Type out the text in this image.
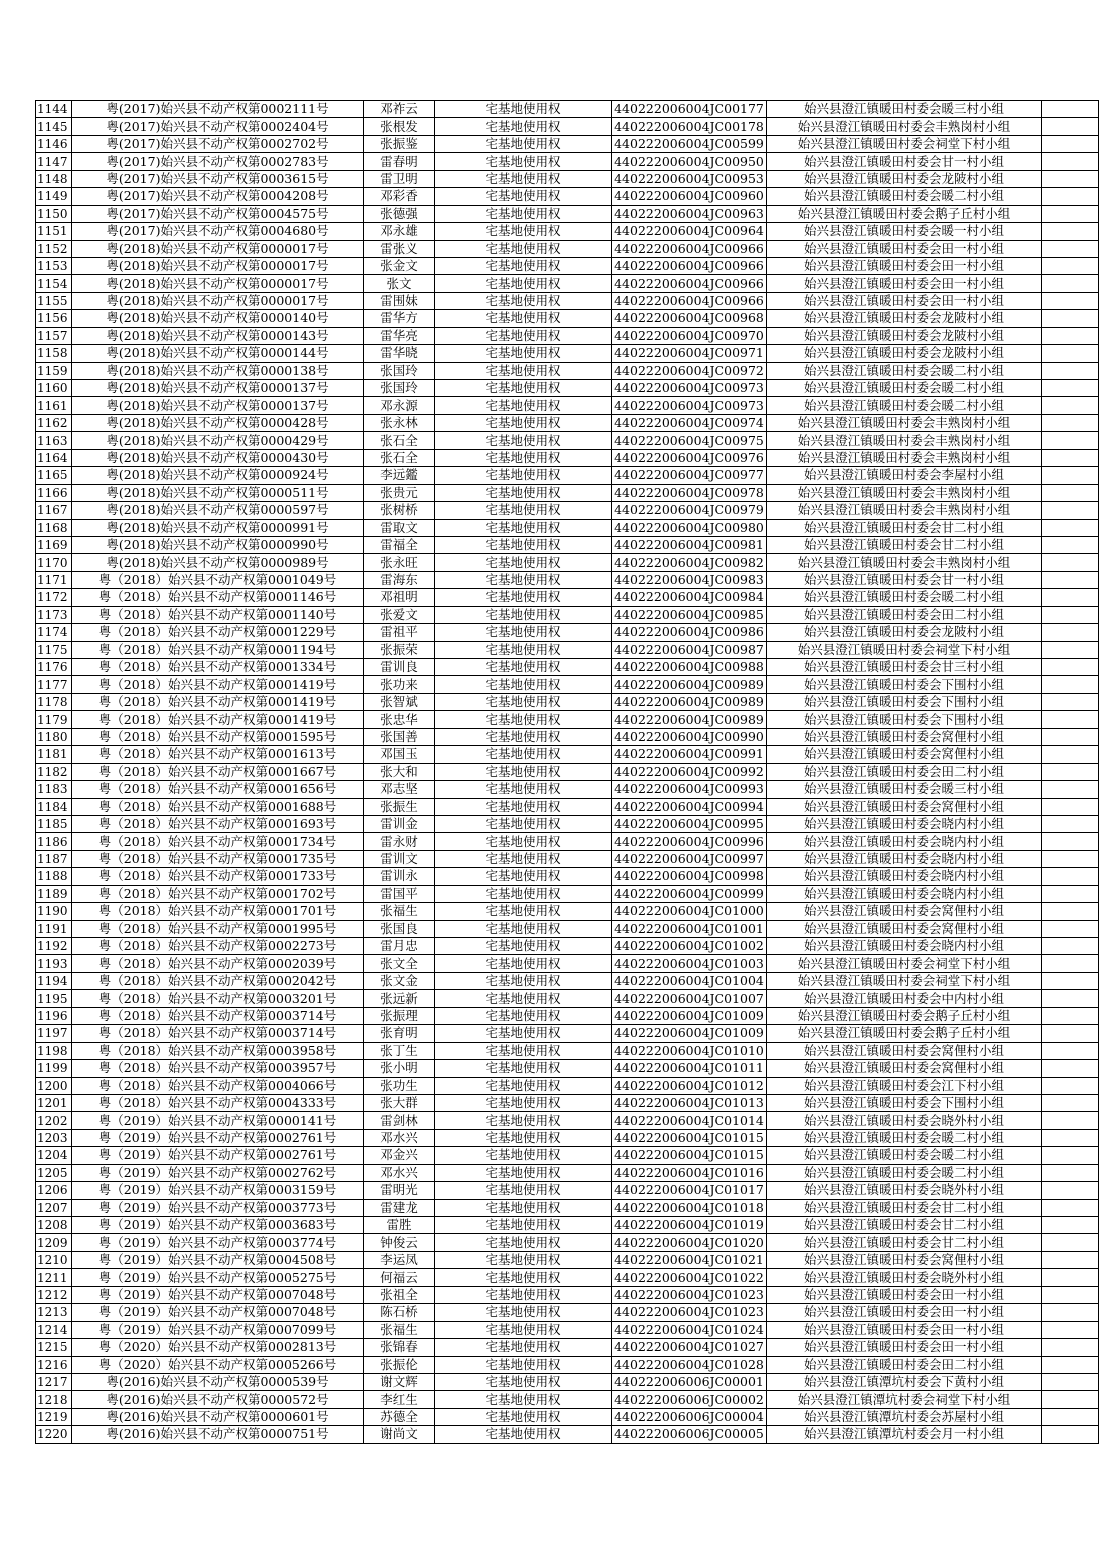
1144	粤(2017)始兴县不动产权第0002111号	邓祚云	宅基地使用权	440222006004JC00177	始兴县澄江镇暖田村委会暖三村小组	
1145	粤(2017)始兴县不动产权第0002404号	张根发	宅基地使用权	440222006004JC00178	始兴县澄江镇暖田村委会丰熟岗村小组	
1146	粤(2017)始兴县不动产权第0002702号	张振鉴	宅基地使用权	440222006004JC00599	始兴县澄江镇暖田村委会祠堂下村小组	
1147	粤(2017)始兴县不动产权第0002783号	雷春明	宅基地使用权	440222006004JC00950	始兴县澄江镇暖田村委会甘一村小组	
1148	粤(2017)始兴县不动产权第0003615号	雷卫明	宅基地使用权	440222006004JC00953	始兴县澄江镇暖田村委会龙陂村小组	
1149	粤(2017)始兴县不动产权第0004208号	邓彩香	宅基地使用权	440222006004JC00960	始兴县澄江镇暖田村委会暖二村小组	
1150	粤(2017)始兴县不动产权第0004575号	张德强	宅基地使用权	440222006004JC00963	始兴县澄江镇暖田村委会鹅子丘村小组	
1151	粤(2017)始兴县不动产权第0004680号	邓永雄	宅基地使用权	440222006004JC00964	始兴县澄江镇暖田村委会暖一村小组	
1152	粤(2018)始兴县不动产权第0000017号	雷张义	宅基地使用权	440222006004JC00966	始兴县澄江镇暖田村委会田一村小组	
1153	粤(2018)始兴县不动产权第0000017号	张金文	宅基地使用权	440222006004JC00966	始兴县澄江镇暖田村委会田一村小组	
1154	粤(2018)始兴县不动产权第0000017号	张文	宅基地使用权	440222006004JC00966	始兴县澄江镇暖田村委会田一村小组	
1155	粤(2018)始兴县不动产权第0000017号	雷围妹	宅基地使用权	440222006004JC00966	始兴县澄江镇暖田村委会田一村小组	
1156	粤(2018)始兴县不动产权第0000140号	雷华方	宅基地使用权	440222006004JC00968	始兴县澄江镇暖田村委会龙陂村小组	
1157	粤(2018)始兴县不动产权第0000143号	雷华亮	宅基地使用权	440222006004JC00970	始兴县澄江镇暖田村委会龙陂村小组	
1158	粤(2018)始兴县不动产权第0000144号	雷华晓	宅基地使用权	440222006004JC00971	始兴县澄江镇暖田村委会龙陂村小组	
1159	粤(2018)始兴县不动产权第0000138号	张国玲	宅基地使用权	440222006004JC00972	始兴县澄江镇暖田村委会暖二村小组	
1160	粤(2018)始兴县不动产权第0000137号	张国玲	宅基地使用权	440222006004JC00973	始兴县澄江镇暖田村委会暖二村小组	
1161	粤(2018)始兴县不动产权第0000137号	邓永源	宅基地使用权	440222006004JC00973	始兴县澄江镇暖田村委会暖二村小组	
1162	粤(2018)始兴县不动产权第0000428号	张永林	宅基地使用权	440222006004JC00974	始兴县澄江镇暖田村委会丰熟岗村小组	
1163	粤(2018)始兴县不动产权第0000429号	张石全	宅基地使用权	440222006004JC00975	始兴县澄江镇暖田村委会丰熟岗村小组	
1164	粤(2018)始兴县不动产权第0000430号	张石全	宅基地使用权	440222006004JC00976	始兴县澄江镇暖田村委会丰熟岗村小组	
1165	粤(2018)始兴县不动产权第0000924号	李远鑑	宅基地使用权	440222006004JC00977	始兴县澄江镇暖田村委会李屋村小组	
1166	粤(2018)始兴县不动产权第0000511号	张贵元	宅基地使用权	440222006004JC00978	始兴县澄江镇暖田村委会丰熟岗村小组	
1167	粤(2018)始兴县不动产权第0000597号	张树桥	宅基地使用权	440222006004JC00979	始兴县澄江镇暖田村委会丰熟岗村小组	
1168	粤(2018)始兴县不动产权第0000991号	雷取文	宅基地使用权	440222006004JC00980	始兴县澄江镇暖田村委会甘二村小组	
1169	粤(2018)始兴县不动产权第0000990号	雷福全	宅基地使用权	440222006004JC00981	始兴县澄江镇暖田村委会甘二村小组	
1170	粤(2018)始兴县不动产权第0000989号	张永旺	宅基地使用权	440222006004JC00982	始兴县澄江镇暖田村委会丰熟岗村小组	
1171	粤（2018）始兴县不动产权第0001049号	雷海东	宅基地使用权	440222006004JC00983	始兴县澄江镇暖田村委会甘一村小组	
1172	粤（2018）始兴县不动产权第0001146号	邓祖明	宅基地使用权	440222006004JC00984	始兴县澄江镇暖田村委会暖二村小组	
1173	粤（2018）始兴县不动产权第0001140号	张爱文	宅基地使用权	440222006004JC00985	始兴县澄江镇暖田村委会田二村小组	
1174	粤（2018）始兴县不动产权第0001229号	雷祖平	宅基地使用权	440222006004JC00986	始兴县澄江镇暖田村委会龙陂村小组	
1175	粤（2018）始兴县不动产权第0001194号	张振荣	宅基地使用权	440222006004JC00987	始兴县澄江镇暖田村委会祠堂下村小组	
1176	粤（2018）始兴县不动产权第0001334号	雷训良	宅基地使用权	440222006004JC00988	始兴县澄江镇暖田村委会甘三村小组	
1177	粤（2018）始兴县不动产权第0001419号	张功来	宅基地使用权	440222006004JC00989	始兴县澄江镇暖田村委会下围村小组	
1178	粤（2018）始兴县不动产权第0001419号	张智斌	宅基地使用权	440222006004JC00989	始兴县澄江镇暖田村委会下围村小组	
1179	粤（2018）始兴县不动产权第0001419号	张忠华	宅基地使用权	440222006004JC00989	始兴县澄江镇暖田村委会下围村小组	
1180	粤（2018）始兴县不动产权第0001595号	张国善	宅基地使用权	440222006004JC00990	始兴县澄江镇暖田村委会窝俚村小组	
1181	粤（2018）始兴县不动产权第0001613号	邓国玉	宅基地使用权	440222006004JC00991	始兴县澄江镇暖田村委会窝俚村小组	
1182	粤（2018）始兴县不动产权第0001667号	张大和	宅基地使用权	440222006004JC00992	始兴县澄江镇暖田村委会田二村小组	
1183	粤（2018）始兴县不动产权第0001656号	邓志坚	宅基地使用权	440222006004JC00993	始兴县澄江镇暖田村委会暖三村小组	
1184	粤（2018）始兴县不动产权第0001688号	张振生	宅基地使用权	440222006004JC00994	始兴县澄江镇暖田村委会窝俚村小组	
1185	粤（2018）始兴县不动产权第0001693号	雷训金	宅基地使用权	440222006004JC00995	始兴县澄江镇暖田村委会晓内村小组	
1186	粤（2018）始兴县不动产权第0001734号	雷永财	宅基地使用权	440222006004JC00996	始兴县澄江镇暖田村委会晓内村小组	
1187	粤（2018）始兴县不动产权第0001735号	雷训文	宅基地使用权	440222006004JC00997	始兴县澄江镇暖田村委会晓内村小组	
1188	粤（2018）始兴县不动产权第0001733号	雷训永	宅基地使用权	440222006004JC00998	始兴县澄江镇暖田村委会晓内村小组	
1189	粤（2018）始兴县不动产权第0001702号	雷国平	宅基地使用权	440222006004JC00999	始兴县澄江镇暖田村委会晓内村小组	
1190	粤（2018）始兴县不动产权第0001701号	张福生	宅基地使用权	440222006004JC01000	始兴县澄江镇暖田村委会窝俚村小组	
1191	粤（2018）始兴县不动产权第0001995号	张国良	宅基地使用权	440222006004JC01001	始兴县澄江镇暖田村委会窝俚村小组	
1192	粤（2018）始兴县不动产权第0002273号	雷月忠	宅基地使用权	440222006004JC01002	始兴县澄江镇暖田村委会晓内村小组	
1193	粤（2018）始兴县不动产权第0002039号	张文全	宅基地使用权	440222006004JC01003	始兴县澄江镇暖田村委会祠堂下村小组	
1194	粤（2018）始兴县不动产权第0002042号	张文金	宅基地使用权	440222006004JC01004	始兴县澄江镇暖田村委会祠堂下村小组	
1195	粤（2018）始兴县不动产权第0003201号	张远新	宅基地使用权	440222006004JC01007	始兴县澄江镇暖田村委会中内村小组	
1196	粤（2018）始兴县不动产权第0003714号	张振理	宅基地使用权	440222006004JC01009	始兴县澄江镇暖田村委会鹅子丘村小组	
1197	粤（2018）始兴县不动产权第0003714号	张育明	宅基地使用权	440222006004JC01009	始兴县澄江镇暖田村委会鹅子丘村小组	
1198	粤（2018）始兴县不动产权第0003958号	张丁生	宅基地使用权	440222006004JC01010	始兴县澄江镇暖田村委会窝俚村小组	
1199	粤（2018）始兴县不动产权第0003957号	张小明	宅基地使用权	440222006004JC01011	始兴县澄江镇暖田村委会窝俚村小组	
1200	粤（2018）始兴县不动产权第0004066号	张功生	宅基地使用权	440222006004JC01012	始兴县澄江镇暖田村委会江下村小组	
1201	粤（2018）始兴县不动产权第0004333号	张大群	宅基地使用权	440222006004JC01013	始兴县澄江镇暖田村委会下围村小组	
1202	粤（2019）始兴县不动产权第0000141号	雷剑林	宅基地使用权	440222006004JC01014	始兴县澄江镇暖田村委会晓外村小组	
1203	粤（2019）始兴县不动产权第0002761号	邓水兴	宅基地使用权	440222006004JC01015	始兴县澄江镇暖田村委会暖二村小组	
1204	粤（2019）始兴县不动产权第0002761号	邓金兴	宅基地使用权	440222006004JC01015	始兴县澄江镇暖田村委会暖二村小组	
1205	粤（2019）始兴县不动产权第0002762号	邓水兴	宅基地使用权	440222006004JC01016	始兴县澄江镇暖田村委会暖二村小组	
1206	粤（2019）始兴县不动产权第0003159号	雷明光	宅基地使用权	440222006004JC01017	始兴县澄江镇暖田村委会晓外村小组	
1207	粤（2019）始兴县不动产权第0003773号	雷建龙	宅基地使用权	440222006004JC01018	始兴县澄江镇暖田村委会甘二村小组	
1208	粤（2019）始兴县不动产权第0003683号	雷胜	宅基地使用权	440222006004JC01019	始兴县澄江镇暖田村委会甘二村小组	
1209	粤（2019）始兴县不动产权第0003774号	钟俊云	宅基地使用权	440222006004JC01020	始兴县澄江镇暖田村委会甘二村小组	
1210	粤（2019）始兴县不动产权第0004508号	李运凤	宅基地使用权	440222006004JC01021	始兴县澄江镇暖田村委会窝俚村小组	
1211	粤（2019）始兴县不动产权第0005275号	何福云	宅基地使用权	440222006004JC01022	始兴县澄江镇暖田村委会晓外村小组	
1212	粤（2019）始兴县不动产权第0007048号	张祖全	宅基地使用权	440222006004JC01023	始兴县澄江镇暖田村委会田一村小组	
1213	粤（2019）始兴县不动产权第0007048号	陈石桥	宅基地使用权	440222006004JC01023	始兴县澄江镇暖田村委会田一村小组	
1214	粤（2019）始兴县不动产权第0007099号	张福生	宅基地使用权	440222006004JC01024	始兴县澄江镇暖田村委会田一村小组	
1215	粤（2020）始兴县不动产权第0002813号	张锦春	宅基地使用权	440222006004JC01027	始兴县澄江镇暖田村委会田一村小组	
1216	粤（2020）始兴县不动产权第0005266号	张振伦	宅基地使用权	440222006004JC01028	始兴县澄江镇暖田村委会田二村小组	
1217	粤(2016)始兴县不动产权第0000539号	谢文辉	宅基地使用权	440222006006JC00001	始兴县澄江镇潭坑村委会下黄村小组	
1218	粤(2016)始兴县不动产权第0000572号	李红生	宅基地使用权	440222006006JC00002	始兴县澄江镇潭坑村委会祠堂下村小组	
1219	粤(2016)始兴县不动产权第0000601号	苏德全	宅基地使用权	440222006006JC00004	始兴县澄江镇潭坑村委会苏屋村小组	
1220	粤(2016)始兴县不动产权第0000751号	谢尚文	宅基地使用权	440222006006JC00005	始兴县澄江镇潭坑村委会月一村小组	
